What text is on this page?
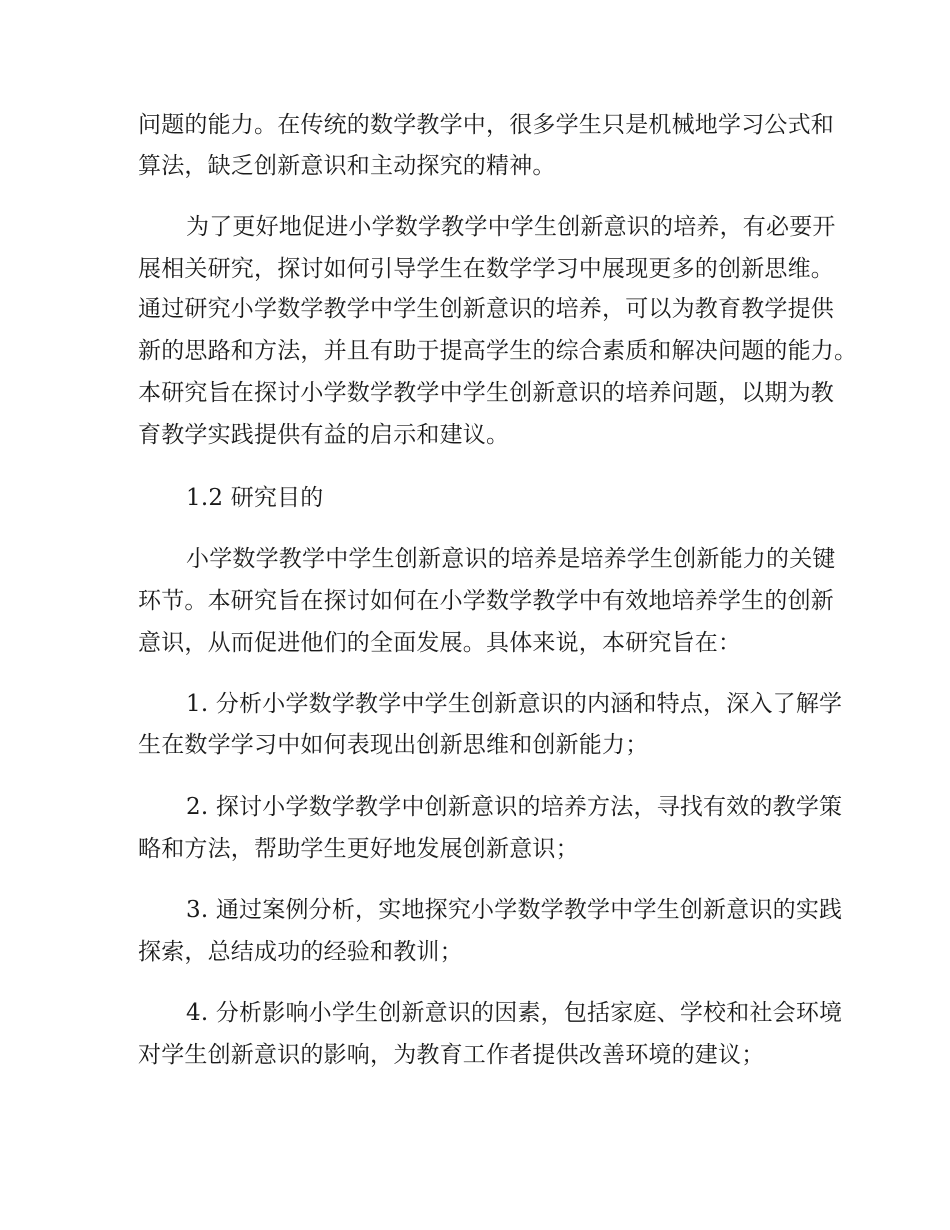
问题的能力。在传统的数学教学中，很多学生只是机械地学习公式和
算法，缺乏创新意识和主动探究的精神。
为了更好地促进小学数学教学中学生创新意识的培养，有必要开
展相关研究，探讨如何引导学生在数学学习中展现更多的创新思维。
通过研究小学数学教学中学生创新意识的培养，可以为教育教学提供
新的思路和方法，并且有助于提高学生的综合素质和解决问题的能力。
本研究旨在探讨小学数学教学中学生创新意识的培养问题，以期为教
育教学实践提供有益的启示和建议。
1.2 研究目的
小学数学教学中学生创新意识的培养是培养学生创新能力的关键
环节。本研究旨在探讨如何在小学数学教学中有效地培养学生的创新
意识，从而促进他们的全面发展。具体来说，本研究旨在：
1. 分析小学数学教学中学生创新意识的内涵和特点，深入了解学
生在数学学习中如何表现出创新思维和创新能力；
2. 探讨小学数学教学中创新意识的培养方法，寻找有效的教学策
略和方法，帮助学生更好地发展创新意识；
3. 通过案例分析，实地探究小学数学教学中学生创新意识的实践
探索，总结成功的经验和教训；
4. 分析影响小学生创新意识的因素，包括家庭、学校和社会环境
对学生创新意识的影响，为教育工作者提供改善环境的建议；
